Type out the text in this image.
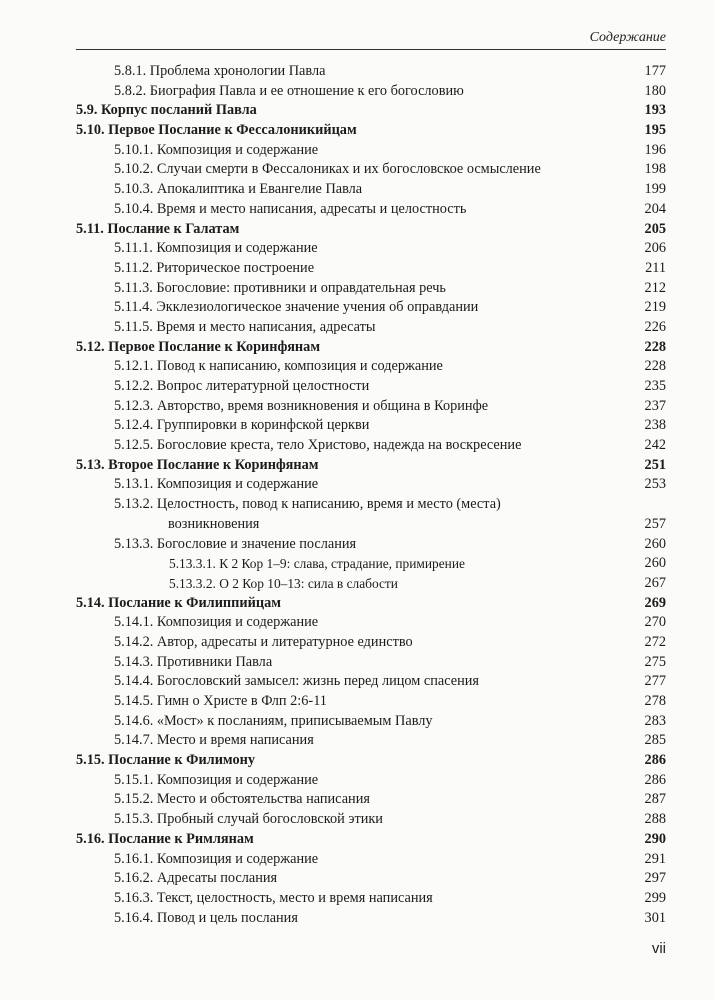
Содержание
5.8.1. Проблема хронологии Павла	177
5.8.2. Биография Павла и ее отношение к его богословию	180
5.9. Корпус посланий Павла	193
5.10. Первое Послание к Фессалоникийцам	195
5.10.1. Композиция и содержание	196
5.10.2. Случаи смерти в Фессалониках и их богословское осмысление	198
5.10.3. Апокалиптика и Евангелие Павла	199
5.10.4. Время и место написания, адресаты и целостность	204
5.11. Послание к Галатам	205
5.11.1. Композиция и содержание	206
5.11.2. Риторическое построение	211
5.11.3. Богословие: противники и оправдательная речь	212
5.11.4. Экклезиологическое значение учения об оправдании	219
5.11.5. Время и место написания, адресаты	226
5.12. Первое Послание к Коринфянам	228
5.12.1. Повод к написанию, композиция и содержание	228
5.12.2. Вопрос литературной целостности	235
5.12.3. Авторство, время возникновения и община в Коринфе	237
5.12.4. Группировки в коринфской церкви	238
5.12.5. Богословие креста, тело Христово, надежда на воскресение	242
5.13. Второе Послание к Коринфянам	251
5.13.1. Композиция и содержание	253
5.13.2. Целостность, повод к написанию, время и место (места)
возникновения	257
5.13.3. Богословие и значение послания	260
5.13.3.1. К 2 Кор 1–9: слава, страдание, примирение	260
5.13.3.2. О 2 Кор 10–13: сила в слабости	267
5.14. Послание к Филиппийцам	269
5.14.1. Композиция и содержание	270
5.14.2. Автор, адресаты и литературное единство	272
5.14.3. Противники Павла	275
5.14.4. Богословский замысел: жизнь перед лицом спасения	277
5.14.5. Гимн о Христе в Флп 2:6-11	278
5.14.6. «Мост» к посланиям, приписываемым Павлу	283
5.14.7. Место и время написания	285
5.15. Послание к Филимону	286
5.15.1. Композиция и содержание	286
5.15.2. Место и обстоятельства написания	287
5.15.3. Пробный случай богословской этики	288
5.16. Послание к Римлянам	290
5.16.1. Композиция и содержание	291
5.16.2. Адресаты послания	297
5.16.3. Текст, целостность, место и время написания	299
5.16.4. Повод и цель послания	301
vii
